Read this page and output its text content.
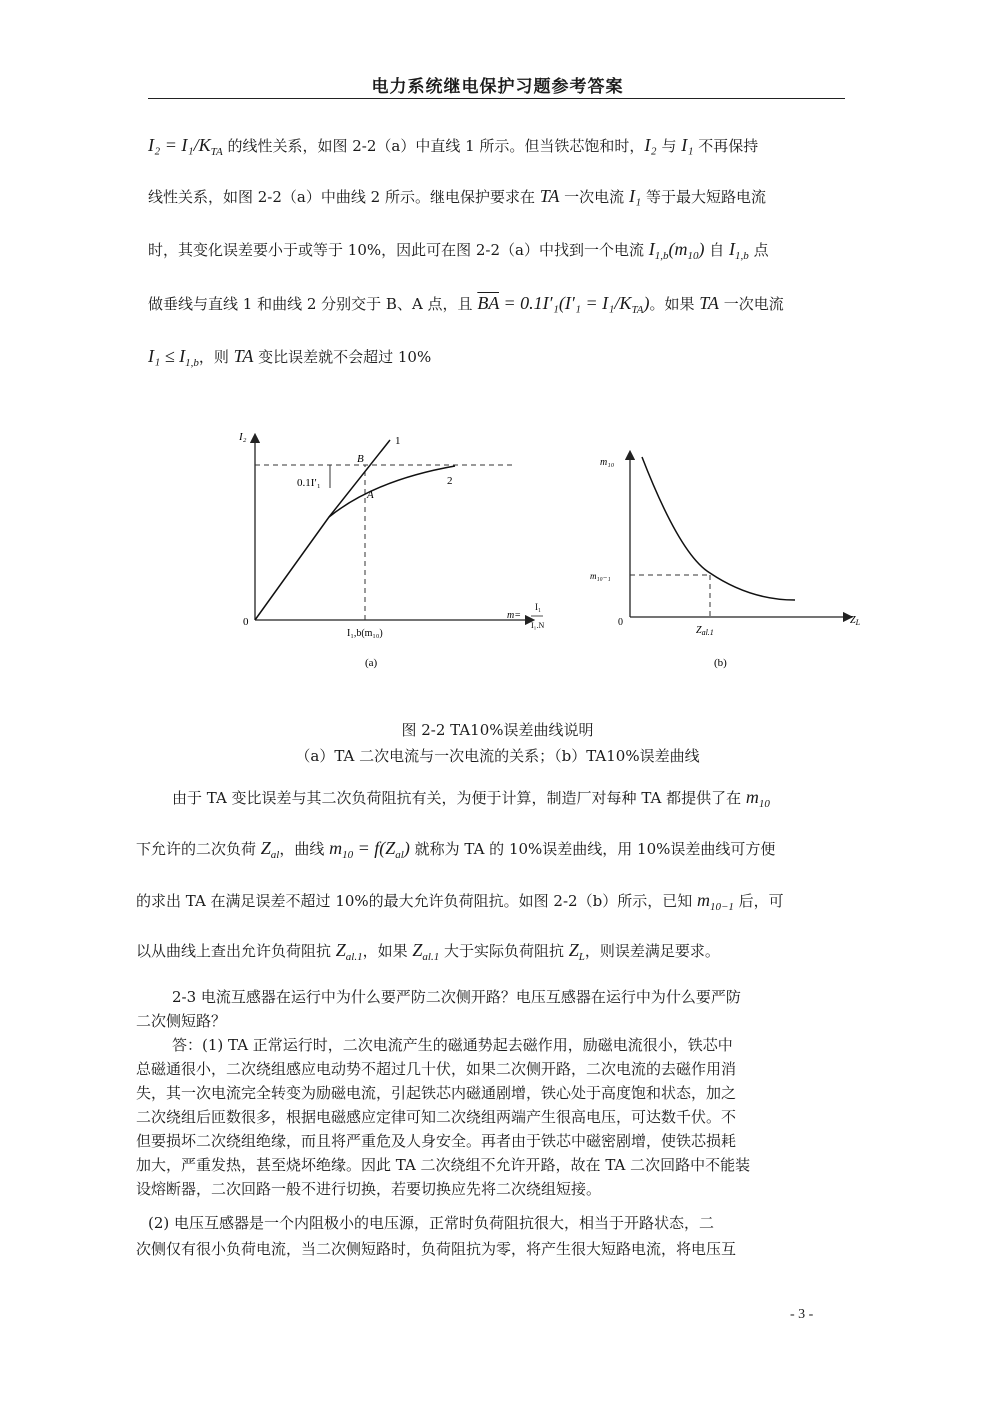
电力系统继电保护习题参考答案
$I_2 = I_1/K_{TA}$ 的线性关系，如图 2-2（a）中直线 1 所示。但当铁芯饱和时，I₂ 与 I₁ 不再保持
线性关系，如图 2-2（a）中曲线 2 所示。继电保护要求在 TA 一次电流 I₁ 等于最大短路电流
时，其变化误差要小于或等于 10%，因此可在图 2-2（a）中找到一个电流 $I_{1,b}(m_{10})$ 自 $I_{1,b}$ 点
做垂线与直线 1 和曲线 2 分别交于 B、A 点，且 $\overline{BA} = 0.1I'_1(I'_1 = I_1/K_{TA})$。如果 TA 一次电流
$I_1 \le I_{1,b}$，则 TA 变比误差就不会超过 10%
I₂
0
1
2
B
A
0.1I′₁
I₁,b(m₁₀)
m=
I₁
I₁.N
(a)
m₁₀
0
m₁₀₋₁
$Z_{al.1}$
$Z_L$
(b)
图 2-2 TA10%误差曲线说明
（a）TA 二次电流与一次电流的关系；（b）TA10%误差曲线
由于 TA 变比误差与其二次负荷阻抗有关，为便于计算，制造厂对每种 TA 都提供了在 $m_{10}$
下允许的二次负荷 $Z_{al}$，曲线 $m_{10} = f(Z_{al})$ 就称为 TA 的 10%误差曲线，用 10%误差曲线可方便
的求出 TA 在满足误差不超过 10%的最大允许负荷阻抗。如图 2-2（b）所示，已知 $m_{10-1}$ 后，可
以从曲线上查出允许负荷阻抗 $Z_{al.1}$，如果 $Z_{al.1}$ 大于实际负荷阻抗 $Z_L$，则误差满足要求。
2-3 电流互感器在运行中为什么要严防二次侧开路？电压互感器在运行中为什么要严防
二次侧短路？
答：(1) TA 正常运行时，二次电流产生的磁通势起去磁作用，励磁电流很小，铁芯中
总磁通很小，二次绕组感应电动势不超过几十伏，如果二次侧开路，二次电流的去磁作用消
失，其一次电流完全转变为励磁电流，引起铁芯内磁通剧增，铁心处于高度饱和状态，加之
二次绕组后匝数很多，根据电磁感应定律可知二次绕组两端产生很高电压，可达数千伏。不
但要损坏二次绕组绝缘，而且将严重危及人身安全。再者由于铁芯中磁密剧增，使铁芯损耗
加大，严重发热，甚至烧坏绝缘。因此 TA 二次绕组不允许开路，故在 TA 二次回路中不能装
设熔断器，二次回路一般不进行切换，若要切换应先将二次绕组短接。
(2) 电压互感器是一个内阻极小的电压源，正常时负荷阻抗很大，相当于开路状态，二
次侧仅有很小负荷电流，当二次侧短路时，负荷阻抗为零，将产生很大短路电流，将电压互
- 3 -
